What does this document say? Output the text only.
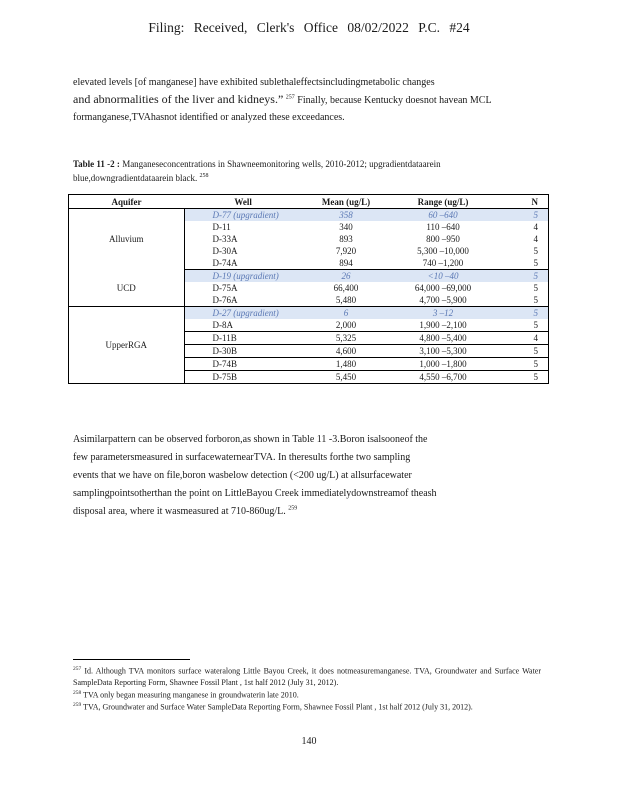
Filing: Received, Clerk's Office 08/02/2022 P.C. #24
elevated levels [of manganese] have exhibited sublethaleffectsincludingmetabolic changes
and abnormalities of the liver and kidneys.” $^{257}$ Finally, because Kentucky doesnot havean MCL
formanganese,TVAhasnot identified or analyzed these exceedances.
Table 11 -2 : Manganeseconcentrations in Shawneemonitoring wells, 2010-2012; upgradientdataarein blue,downgradientdataarein black. $^{258}$
Aquifer	Well	Mean (ug/L)	Range (ug/L)	N
Alluvium	D-77 (upgradient)	358	60 –640	5
	D-11	340	110 –640	4
	D-33A	893	800 –950	4
	D-30A	7,920	5,300 –10,000	5
	D-74A	894	740 –1,200	5
UCD	D-19 (upgradient)	26	<10 –40	5
	D-75A	66,400	64,000 –69,000	5
	D-76A	5,480	4,700 –5,900	5
UpperRGA	D-27 (upgradient)	6	3 –12	5
	D-8A	2,000	1,900 –2,100	5
	D-11B	5,325	4,800 –5,400	4
	D-30B	4,600	3,100 –5,300	5
	D-74B	1,480	1,000 –1,800	5
	D-75B	5,450	4,550 –6,700	5
Asimilarpattern can be observed forboron,as shown in Table 11 -3.Boron isalsooneof the
few parametersmeasured in surfacewaternearTVA. In theresults forthe two sampling
events that we have on file,boron wasbelow detection (<200 ug/L) at allsurfacewater
samplingpointsotherthan the point on LittleBayou Creek immediatelydownstreamof theash
disposal area, where it wasmeasured at 710-860ug/L. $^{259}$
$^{257}$ Id. Although TVA monitors surface wateralong Little Bayou Creek, it does notmeasuremanganese. TVA, Groundwater and Surface Water SampleData Reporting Form, Shawnee Fossil Plant , 1st half 2012 (July 31, 2012).
$^{258}$ TVA only began measuring manganese in groundwaterin late 2010.
$^{259}$ TVA, Groundwater and Surface Water SampleData Reporting Form, Shawnee Fossil Plant , 1st half 2012 (July 31, 2012).
140
